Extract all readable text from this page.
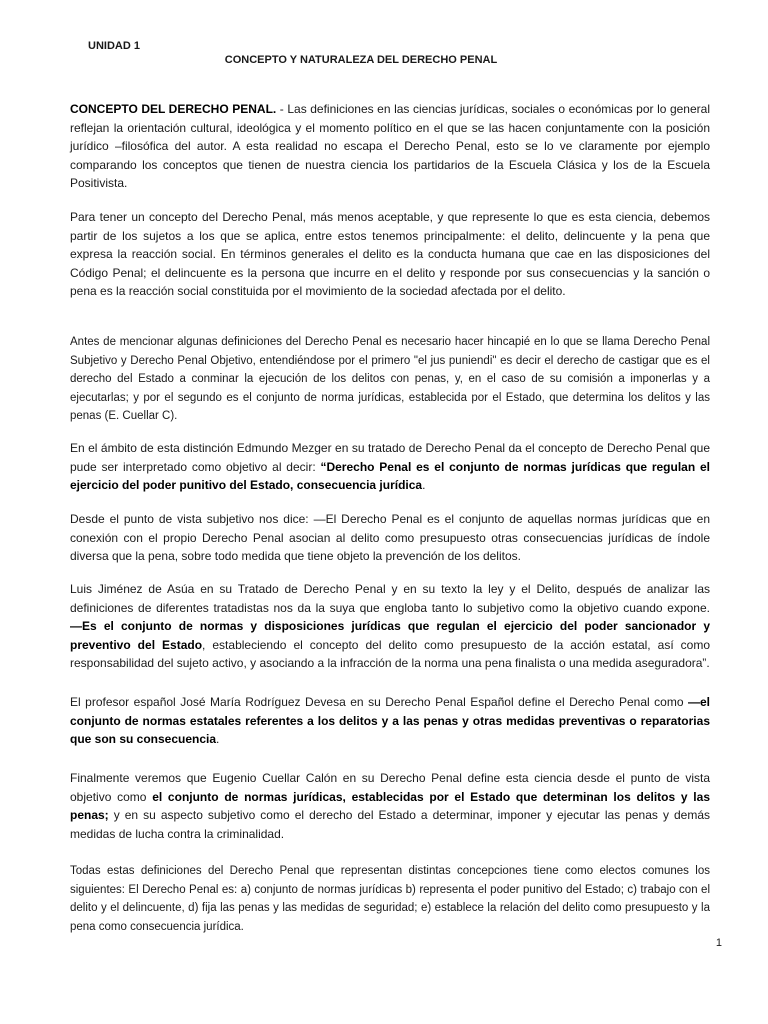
UNIDAD 1
CONCEPTO Y NATURALEZA DEL DERECHO PENAL

CONCEPTO DEL DERECHO PENAL. - Las definiciones en las ciencias jurídicas, sociales o económicas por lo general reflejan la orientación cultural, ideológica y el momento político en el que se las hacen conjuntamente con la posición jurídico –filosófica del autor. A esta realidad no escapa el Derecho Penal, esto se lo ve claramente por ejemplo comparando los conceptos que tienen de nuestra ciencia los partidarios de la Escuela Clásica y los de la Escuela Positivista.

Para tener un concepto del Derecho Penal, más menos aceptable, y que represente lo que es esta ciencia, debemos partir de los sujetos a los que se aplica, entre estos tenemos principalmente: el delito, delincuente y la pena que expresa la reacción social. En términos generales el delito es la conducta humana que cae en las disposiciones del Código Penal; el delincuente es la persona que incurre en el delito y responde por sus consecuencias y la sanción o pena es la reacción social constituida por el movimiento de la sociedad afectada por el delito.

Antes de mencionar algunas definiciones del Derecho Penal es necesario hacer hincapié en lo que se llama Derecho Penal Subjetivo y Derecho Penal Objetivo, entendiéndose por el primero "el jus puniendi" es decir el derecho de castigar que es el derecho del Estado a conminar la ejecución de los delitos con penas, y, en el caso de su comisión a imponerlas y a ejecutarlas; y por el segundo es el conjunto de norma jurídicas, establecida por el Estado, que determina los delitos y las penas (E. Cuellar C).

En el ámbito de esta distinción Edmundo Mezger en su tratado de Derecho Penal da el concepto de Derecho Penal que pude ser interpretado como objetivo al decir: “Derecho Penal es el conjunto de normas jurídicas que regulan el ejercicio del poder punitivo del Estado, consecuencia jurídica.

Desde el punto de vista subjetivo nos dice: ―El Derecho Penal es el conjunto de aquellas normas jurídicas que en conexión con el propio Derecho Penal asocian al delito como presupuesto otras consecuencias jurídicas de índole diversa que la pena, sobre todo medida que tiene objeto la prevención de los delitos.

Luis Jiménez de Asúa en su Tratado de Derecho Penal y en su texto la ley y el Delito, después de analizar las definiciones de diferentes tratadistas nos da la suya que engloba tanto lo subjetivo como la objetivo cuando expone. ―Es el conjunto de normas y disposiciones jurídicas que regulan el ejercicio del poder sancionador y preventivo del Estado, estableciendo el concepto del delito como presupuesto de la acción estatal, así como responsabilidad del sujeto activo, y asociando a la infracción de la norma una pena finalista o una medida aseguradora”.

El profesor español José María Rodríguez Devesa en su Derecho Penal Español define el Derecho Penal como ―el conjunto de normas estatales referentes a los delitos y a las penas y otras medidas preventivas o reparatorias que son su consecuencia.

Finalmente veremos que Eugenio Cuellar Calón en su Derecho Penal define esta ciencia desde el punto de vista objetivo como el conjunto de normas jurídicas, establecidas por el Estado que determinan los delitos y las penas; y en su aspecto subjetivo como el derecho del Estado a determinar, imponer y ejecutar las penas y demás medidas de lucha contra la criminalidad.

Todas estas definiciones del Derecho Penal que representan distintas concepciones tiene como electos comunes los siguientes: El Derecho Penal es: a) conjunto de normas jurídicas b) representa el poder punitivo del Estado; c) trabajo con el delito y el delincuente, d) fija las penas y las medidas de seguridad; e) establece la relación del delito como presupuesto y la pena como consecuencia jurídica.

1
